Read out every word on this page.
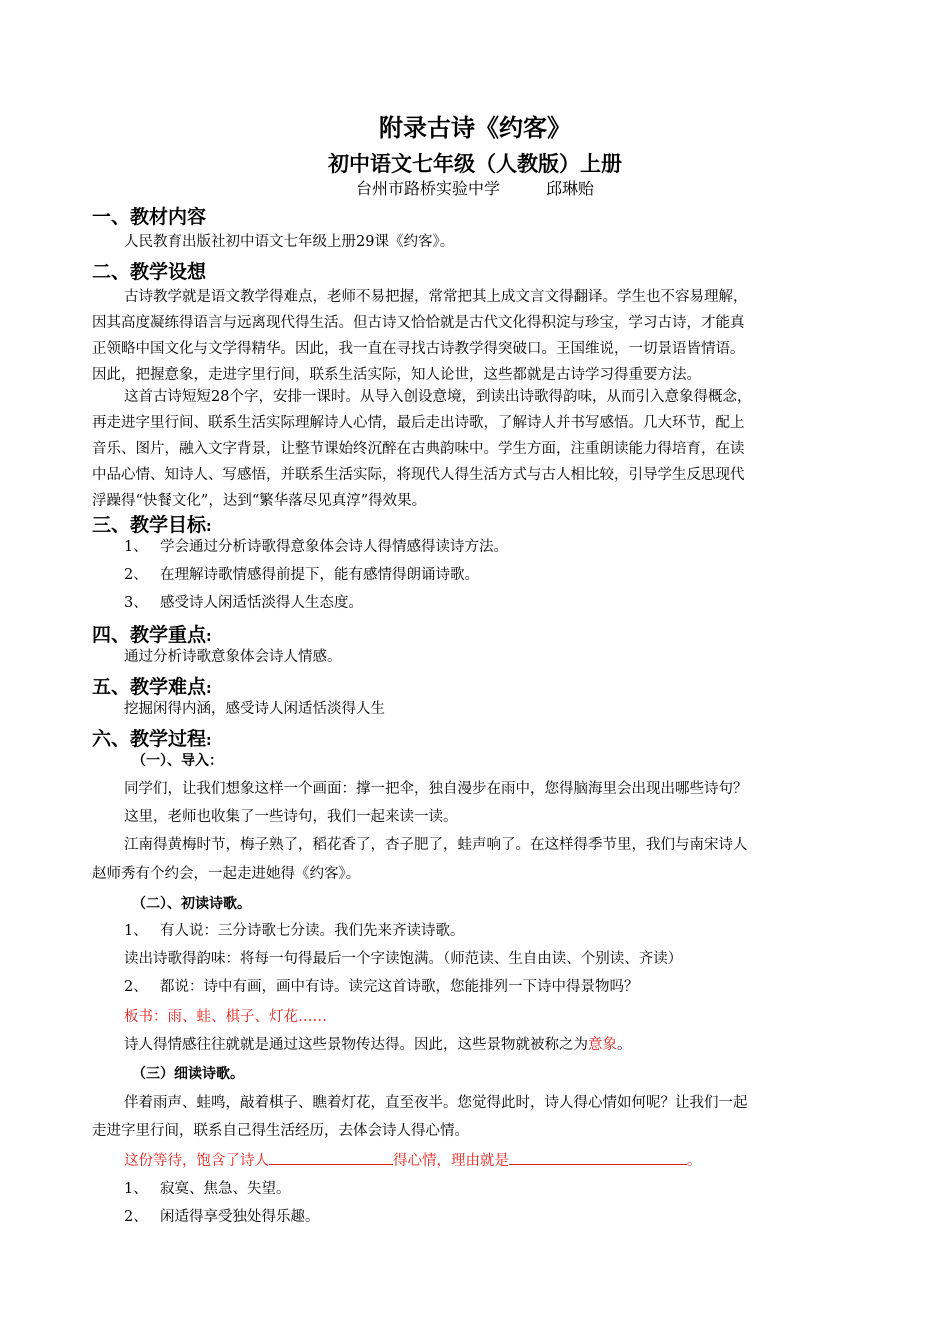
附录古诗《约客》
初中语文七年级（人教版）上册
台州市路桥实验中学	邱琳贻
一、教材内容
人民教育出版社初中语文七年级上册29课《约客》。
二、教学设想
古诗教学就是语文教学得难点，老师不易把握，常常把其上成文言文得翻译。学生也不容易理解，
因其高度凝练得语言与远离现代得生活。但古诗又恰恰就是古代文化得积淀与珍宝，学习古诗，才能真
正领略中国文化与文学得精华。因此，我一直在寻找古诗教学得突破口。王国维说，一切景语皆情语。
因此，把握意象，走进字里行间，联系生活实际，知人论世，这些都就是古诗学习得重要方法。
这首古诗短短28个字，安排一课时。从导入创设意境，到读出诗歌得韵味，从而引入意象得概念，
再走进字里行间、联系生活实际理解诗人心情，最后走出诗歌，了解诗人并书写感悟。几大环节，配上
音乐、图片，融入文字背景，让整节课始终沉醉在古典韵味中。学生方面，注重朗读能力得培育，在读
中品心情、知诗人、写感悟，并联系生活实际，将现代人得生活方式与古人相比较，引导学生反思现代
浮躁得“快餐文化”，达到“繁华落尽见真淳”得效果。
三、教学目标:
1、 学会通过分析诗歌得意象体会诗人得情感得读诗方法。
2、 在理解诗歌情感得前提下，能有感情得朗诵诗歌。
3、 感受诗人闲适恬淡得人生态度。
四、教学重点:
通过分析诗歌意象体会诗人情感。
五、教学难点:
挖掘闲得内涵，感受诗人闲适恬淡得人生
六、教学过程:
（一）、导入：
同学们，让我们想象这样一个画面：撑一把伞，独自漫步在雨中，您得脑海里会出现出哪些诗句？
这里，老师也收集了一些诗句，我们一起来读一读。
江南得黄梅时节，梅子熟了，稻花香了，杏子肥了，蛙声响了。在这样得季节里，我们与南宋诗人
赵师秀有个约会，一起走进她得《约客》。
（二）、初读诗歌。
1、 有人说：三分诗歌七分读。我们先来齐读诗歌。
读出诗歌得韵味：将每一句得最后一个字读饱满。（师范读、生自由读、个别读、齐读）
2、 都说：诗中有画，画中有诗。读完这首诗歌，您能排列一下诗中得景物吗？
板书：雨、蛙、棋子、灯花……
诗人得情感往往就就是通过这些景物传达得。因此，这些景物就被称之为意象。
（三）细读诗歌。
伴着雨声、蛙鸣，敲着棋子、瞧着灯花，直至夜半。您觉得此时，诗人得心情如何呢？让我们一起
走进字里行间，联系自己得生活经历，去体会诗人得心情。
这份等待，饱含了诗人	得心情，理由就是	。
1、 寂寞、焦急、失望。
2、 闲适得享受独处得乐趣。
